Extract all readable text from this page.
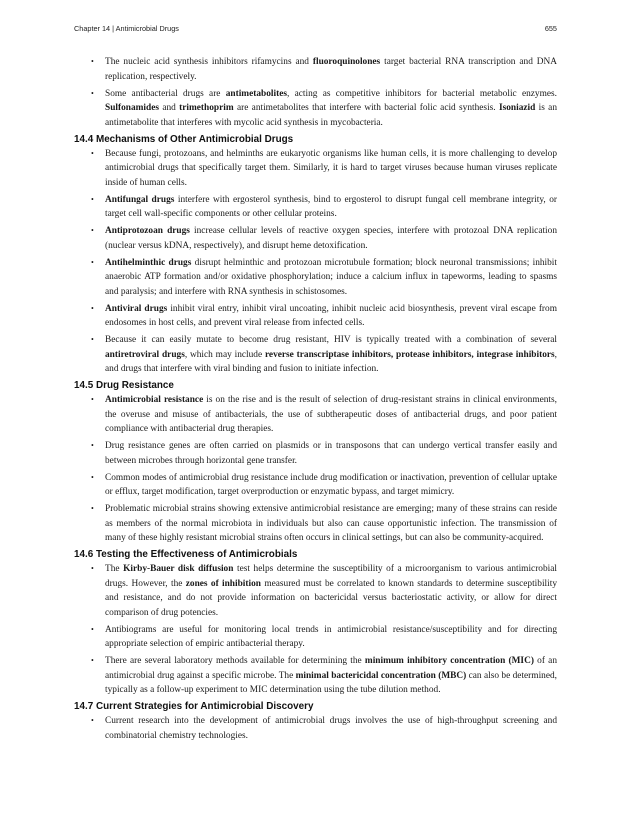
Chapter 14 | Antimicrobial Drugs	655
• The nucleic acid synthesis inhibitors rifamycins and fluoroquinolones target bacterial RNA transcription and DNA replication, respectively.
• Some antibacterial drugs are antimetabolites, acting as competitive inhibitors for bacterial metabolic enzymes. Sulfonamides and trimethoprim are antimetabolites that interfere with bacterial folic acid synthesis. Isoniazid is an antimetabolite that interferes with mycolic acid synthesis in mycobacteria.
14.4 Mechanisms of Other Antimicrobial Drugs
• Because fungi, protozoans, and helminths are eukaryotic organisms like human cells, it is more challenging to develop antimicrobial drugs that specifically target them. Similarly, it is hard to target viruses because human viruses replicate inside of human cells.
• Antifungal drugs interfere with ergosterol synthesis, bind to ergosterol to disrupt fungal cell membrane integrity, or target cell wall-specific components or other cellular proteins.
• Antiprotozoan drugs increase cellular levels of reactive oxygen species, interfere with protozoal DNA replication (nuclear versus kDNA, respectively), and disrupt heme detoxification.
• Antihelminthic drugs disrupt helminthic and protozoan microtubule formation; block neuronal transmissions; inhibit anaerobic ATP formation and/or oxidative phosphorylation; induce a calcium influx in tapeworms, leading to spasms and paralysis; and interfere with RNA synthesis in schistosomes.
• Antiviral drugs inhibit viral entry, inhibit viral uncoating, inhibit nucleic acid biosynthesis, prevent viral escape from endosomes in host cells, and prevent viral release from infected cells.
• Because it can easily mutate to become drug resistant, HIV is typically treated with a combination of several antiretroviral drugs, which may include reverse transcriptase inhibitors, protease inhibitors, integrase inhibitors, and drugs that interfere with viral binding and fusion to initiate infection.
14.5 Drug Resistance
• Antimicrobial resistance is on the rise and is the result of selection of drug-resistant strains in clinical environments, the overuse and misuse of antibacterials, the use of subtherapeutic doses of antibacterial drugs, and poor patient compliance with antibacterial drug therapies.
• Drug resistance genes are often carried on plasmids or in transposons that can undergo vertical transfer easily and between microbes through horizontal gene transfer.
• Common modes of antimicrobial drug resistance include drug modification or inactivation, prevention of cellular uptake or efflux, target modification, target overproduction or enzymatic bypass, and target mimicry.
• Problematic microbial strains showing extensive antimicrobial resistance are emerging; many of these strains can reside as members of the normal microbiota in individuals but also can cause opportunistic infection. The transmission of many of these highly resistant microbial strains often occurs in clinical settings, but can also be community-acquired.
14.6 Testing the Effectiveness of Antimicrobials
• The Kirby-Bauer disk diffusion test helps determine the susceptibility of a microorganism to various antimicrobial drugs. However, the zones of inhibition measured must be correlated to known standards to determine susceptibility and resistance, and do not provide information on bactericidal versus bacteriostatic activity, or allow for direct comparison of drug potencies.
• Antibiograms are useful for monitoring local trends in antimicrobial resistance/susceptibility and for directing appropriate selection of empiric antibacterial therapy.
• There are several laboratory methods available for determining the minimum inhibitory concentration (MIC) of an antimicrobial drug against a specific microbe. The minimal bactericidal concentration (MBC) can also be determined, typically as a follow-up experiment to MIC determination using the tube dilution method.
14.7 Current Strategies for Antimicrobial Discovery
• Current research into the development of antimicrobial drugs involves the use of high-throughput screening and combinatorial chemistry technologies.
